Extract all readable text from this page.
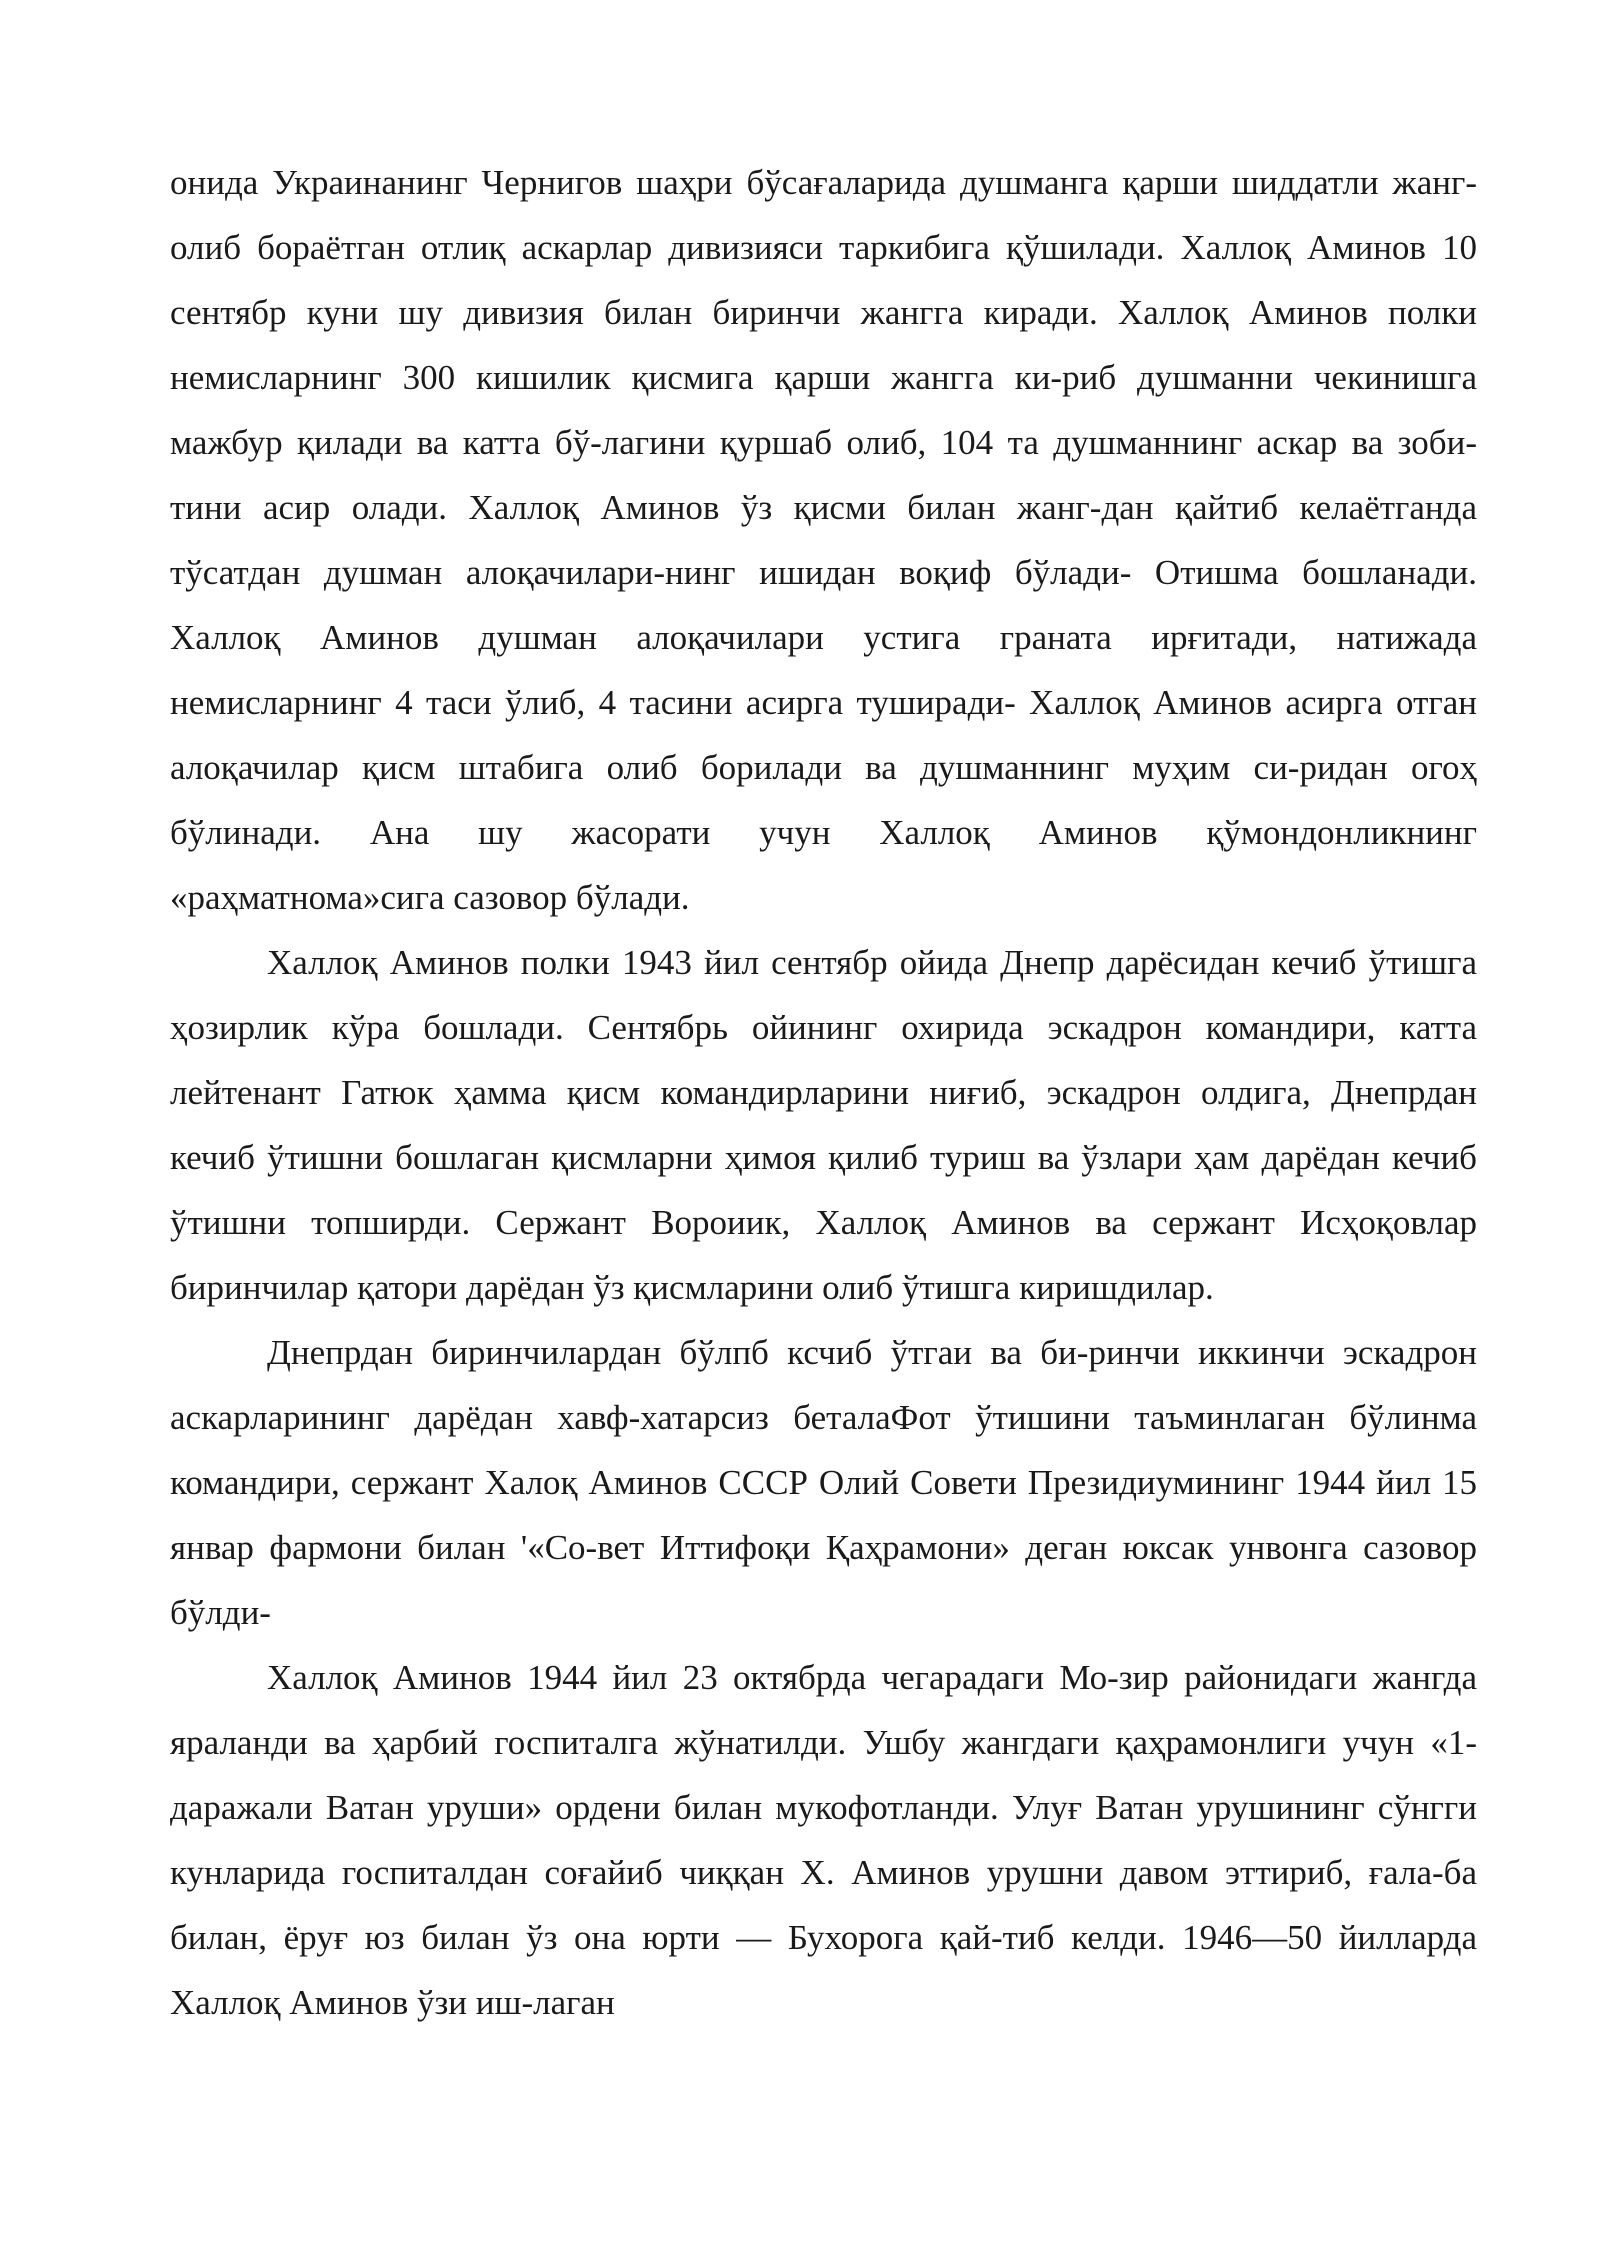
онида Украинанинг Чернигов шаҳри бўсағаларида душманга қарши шиддатли жанг-олиб бораётган отлиқ аскарлар дивизияси таркибига қўшилади. Халлоқ Аминов 10 сентябр куни шу дивизия билан биринчи жангга киради. Халлоқ Аминов полки немисларнинг 300 кишилик қисмига қарши жангга ки-риб душманни чекинишга мажбур қилади ва катта бў-лагини қуршаб олиб, 104 та душманнинг аскар ва зоби-тини асир олади. Халлоқ Аминов ўз қисми билан жанг-дан қайтиб келаётганда тўсатдан душман алоқачилари-нинг ишидан воқиф бўлади- Отишма бошланади. Халлоқ Аминов душман алоқачилари устига граната ирғитади, натижада немисларнинг 4 таси ўлиб, 4 тасини асирга туширади- Халлоқ Аминов асирга отган алоқачилар қисм штабига олиб борилади ва душманнинг муҳим си-ридан огоҳ бўлинади. Ана шу жасорати учун Халлоқ Аминов қўмондонликнинг «раҳматнома»сига сазовор бўлади.

Халлоқ Аминов полки 1943 йил сентябр ойида Днепр дарёсидан кечиб ўтишга ҳозирлик кўра бошлади. Сентябрь ойининг охирида эскадрон командири, катта лейтенант Гатюк ҳамма қисм командирларини ниғиб, эскадрон олдига, Днепрдан кечиб ўтишни бошлаган қисмларни ҳимоя қилиб туриш ва ўзлари ҳам дарёдан кечиб ўтишни топширди. Сержант Вороиик, Халлоқ Аминов ва сержант Исҳоқовлар биринчилар қатори дарёдан ўз қисмларини олиб ўтишга киришдилар.

Днепрдан биринчилардан бўлпб ксчиб ўтгаи ва би-ринчи иккинчи эскадрон аскарларининг дарёдан хавф-хатарсиз беталаФот ўтишини таъминлаган бўлинма командири, сержант Халоқ Аминов СССР Олий Совети Президиумининг 1944 йил 15 январ фармони билан '«Со-вет Иттифоқи Қаҳрамони» деган юксак унвонга сазовор бўлди-

Халлоқ Аминов 1944 йил 23 октябрда чегарадаги Мо-зир районидаги жангда яраланди ва ҳарбий госпиталга жўнатилди. Ушбу жангдаги қаҳрамонлиги учун «1-даражали Ватан уруши» ордени билан мукофотланди. Улуғ Ватан урушининг сўнгги кунларида госпиталдан соғайиб чиққан Х. Аминов урушни давом эттириб, ғала-ба билан, ёруғ юз билан ўз она юрти — Бухорога қай-тиб келди. 1946—50 йилларда Халлоқ Аминов ўзи иш-лаган
